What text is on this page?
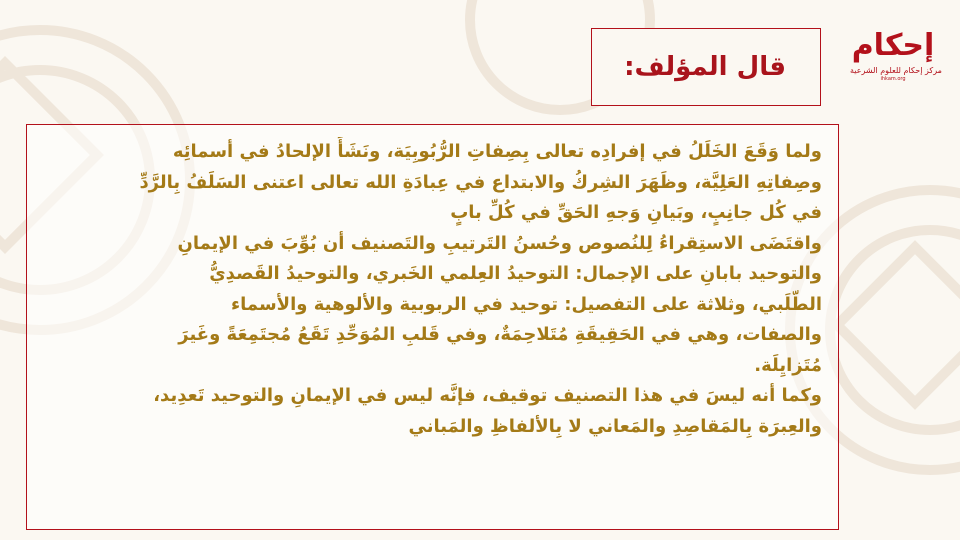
إحكام
مركز إحكام للعلوم الشرعية
ihkam.org
قال المؤلف:
ولما وَقَعَ الخَلَلُ في إفرادِه تعالى بِصِفاتِ الرُّبُوبِيَة، ونَشَأَ الإلحادُ في أسمائِه
وصِفاتِهِ العَلِيَّة، وظَهَرَ الشِركُ والابتداع في عِبادَةِ الله تعالى اعتنى السَلَفُ بِالرَّدِّ
في كُل جانِبٍ، وبَيانِ وَجهِ الحَقِّ في كُلِّ بابٍ
واقتَضَى الاستِقراءُ لِلنُصوص وحُسنُ التَرتيبِ والتَصنيف أن بُوِّبَ في الإيمانِ
والتوحيد بابانِ على الإجمال: التوحيدُ العِلمي الخَبري، والتوحيدُ القَصدِيُّ
الطَّلَبي، وثلاثة على التفصيل: توحيد في الربوبية والألوهية والأسماء
والصفات، وهي في الحَقِيقَةِ مُتَلاحِمَةٌ، وفي قَلبِ المُوَحِّدِ تَقَعُ مُجتَمِعَةً وغَيرَ
مُتَزايِلَة.
وكما أنه ليسَ في هذا التصنيف توقيف، فإنَّه ليس في الإيمانِ والتوحيد تَعدِيد،
والعِبرَة بِالمَقاصِدِ والمَعاني لا بِالألفاظِ والمَباني
